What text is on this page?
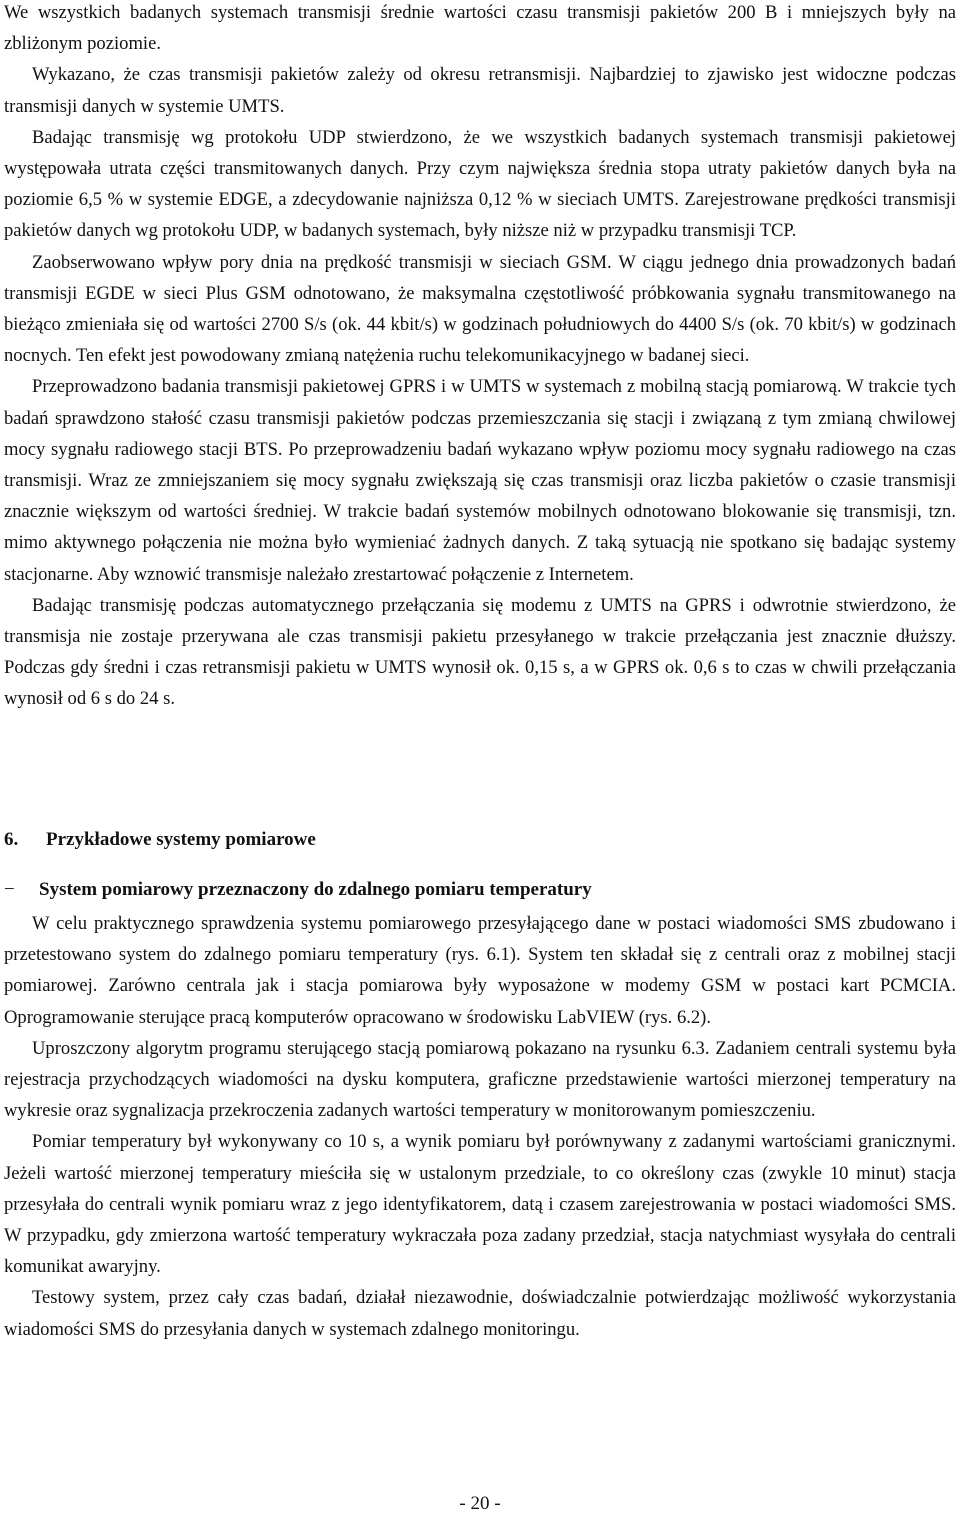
We wszystkich badanych systemach transmisji średnie wartości czasu transmisji pakietów 200 B i mniejszych były na zbliżonym poziomie.

Wykazano, że czas transmisji pakietów zależy od okresu retransmisji. Najbardziej to zjawisko jest widoczne podczas transmisji danych w systemie UMTS.

Badając transmisję wg protokołu UDP stwierdzono, że we wszystkich badanych systemach transmisji pakietowej występowała utrata części transmitowanych danych. Przy czym największa średnia stopa utraty pakietów danych była na poziomie 6,5 % w systemie EDGE, a zdecydowanie najniższa 0,12 % w sieciach UMTS. Zarejestrowane prędkości transmisji pakietów danych wg protokołu UDP, w badanych systemach, były niższe niż w przypadku transmisji TCP.

Zaobserwowano wpływ pory dnia na prędkość transmisji w sieciach GSM. W ciągu jednego dnia prowadzonych badań transmisji EGDE w sieci Plus GSM odnotowano, że maksymalna częstotliwość próbkowania sygnału transmitowanego na bieżąco zmieniała się od wartości 2700 S/s (ok. 44 kbit/s) w godzinach południowych do 4400 S/s (ok. 70 kbit/s) w godzinach nocnych. Ten efekt jest powodowany zmianą natężenia ruchu telekomunikacyjnego w badanej sieci.

Przeprowadzono badania transmisji pakietowej GPRS i w UMTS w systemach z mobilną stacją pomiarową. W trakcie tych badań sprawdzono stałość czasu transmisji pakietów podczas przemieszczania się stacji i związaną z tym zmianą chwilowej mocy sygnału radiowego stacji BTS. Po przeprowadzeniu badań wykazano wpływ poziomu mocy sygnału radiowego na czas transmisji. Wraz ze zmniejszaniem się mocy sygnału zwiększają się czas transmisji oraz liczba pakietów o czasie transmisji znacznie większym od wartości średniej. W trakcie badań systemów mobilnych odnotowano blokowanie się transmisji, tzn. mimo aktywnego połączenia nie można było wymieniać żadnych danych. Z taką sytuacją nie spotkano się badając systemy stacjonarne. Aby wznowić transmisje należało zrestartować połączenie z Internetem.

Badając transmisję podczas automatycznego przełączania się modemu z UMTS na GPRS i odwrotnie stwierdzono, że transmisja nie zostaje przerywana ale czas transmisji pakietu przesyłanego w trakcie przełączania jest znacznie dłuższy. Podczas gdy średni i czas retransmisji pakietu w UMTS wynosił ok. 0,15 s, a w GPRS ok. 0,6 s to czas w chwili przełączania wynosił od 6 s do 24 s.

6. Przykładowe systemy pomiarowe
− System pomiarowy przeznaczony do zdalnego pomiaru temperatury

W celu praktycznego sprawdzenia systemu pomiarowego przesyłającego dane w postaci wiadomości SMS zbudowano i przetestowano system do zdalnego pomiaru temperatury (rys. 6.1). System ten składał się z centrali oraz z mobilnej stacji pomiarowej. Zarówno centrala jak i stacja pomiarowa były wyposażone w modemy GSM w postaci kart PCMCIA. Oprogramowanie sterujące pracą komputerów opracowano w środowisku LabVIEW (rys. 6.2).

Uproszczony algorytm programu sterującego stacją pomiarową pokazano na rysunku 6.3. Zadaniem centrali systemu była rejestracja przychodzących wiadomości na dysku komputera, graficzne przedstawienie wartości mierzonej temperatury na wykresie oraz sygnalizacja przekroczenia zadanych wartości temperatury w monitorowanym pomieszczeniu.

Pomiar temperatury był wykonywany co 10 s, a wynik pomiaru był porównywany z zadanymi wartościami granicznymi. Jeżeli wartość mierzonej temperatury mieściła się w ustalonym przedziale, to co określony czas (zwykle 10 minut) stacja przesyłała do centrali wynik pomiaru wraz z jego identyfikatorem, datą i czasem zarejestrowania w postaci wiadomości SMS. W przypadku, gdy zmierzona wartość temperatury wykraczała poza zadany przedział, stacja natychmiast wysyłała do centrali komunikat awaryjny.

Testowy system, przez cały czas badań, działał niezawodnie, doświadczalnie potwierdzając możliwość wykorzystania wiadomości SMS do przesyłania danych w systemach zdalnego monitoringu.

- 20 -
